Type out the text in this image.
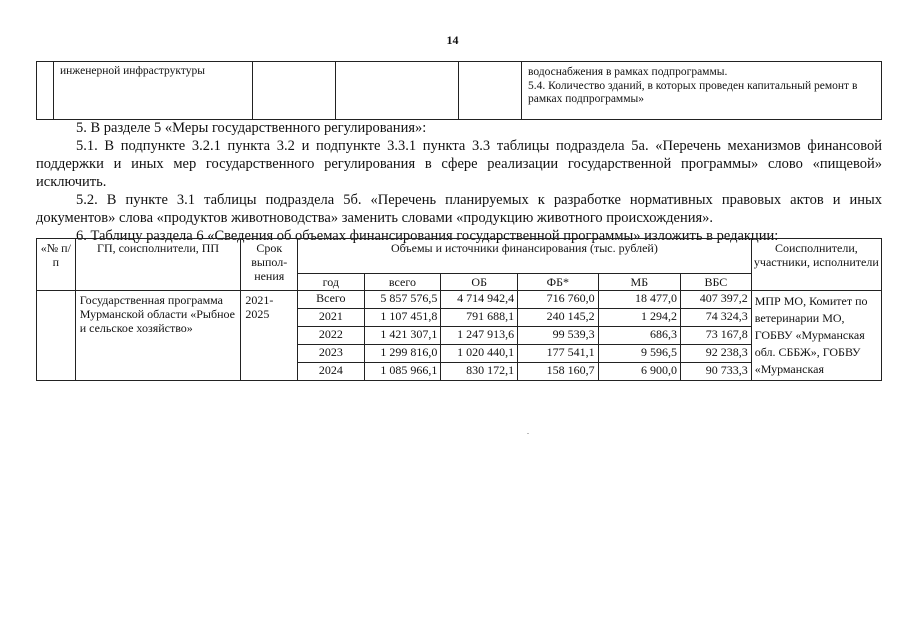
14
	инженерной инфраструктуры				водоснабжения в рамках подпрограммы.
5.4. Количество зданий, в которых проведен капитальный ремонт в рамках подпрограммы»

5. В разделе 5 «Меры государственного регулирования»:

5.1. В подпункте 3.2.1 пункта 3.2 и подпункте 3.3.1 пункта 3.3 таблицы подраздела 5а. «Перечень механизмов финансовой поддержки и иных мер государственного регулирования в сфере реализации государственной программы» слово «пищевой» исключить.

5.2. В пункте 3.1 таблицы подраздела 5б. «Перечень планируемых к разработке нормативных правовых актов и иных документов» слова «продуктов животноводства» заменить словами «продукцию животного происхождения».

6. Таблицу раздела 6 «Сведения об объемах финансирования государственной программы» изложить в редакции:

«№ п/п	ГП, соисполнители, ПП	Срок выпол-нения	Объемы и источники финансирования (тыс. рублей)						Соисполнители, участники, исполнители
			год	всего	ОБ	ФБ*	МБ	ВБС	
	Государственная программа Мурманской области «Рыбное и сельское хозяйство»	2021-2025	Всего	5 857 576,5	4 714 942,4	716 760,0	18 477,0	407 397,2	МПР МО, Комитет по ветеринарии МО, ГОБВУ «Мурманская обл. СББЖ», ГОБВУ «Мурманская
			2021	1 107 451,8	791 688,1	240 145,2	1 294,2	74 324,3	
			2022	1 421 307,1	1 247 913,6	99 539,3	686,3	73 167,8	
			2023	1 299 816,0	1 020 440,1	177 541,1	9 596,5	92 238,3	
			2024	1 085 966,1	830 172,1	158 160,7	6 900,0	90 733,3	
